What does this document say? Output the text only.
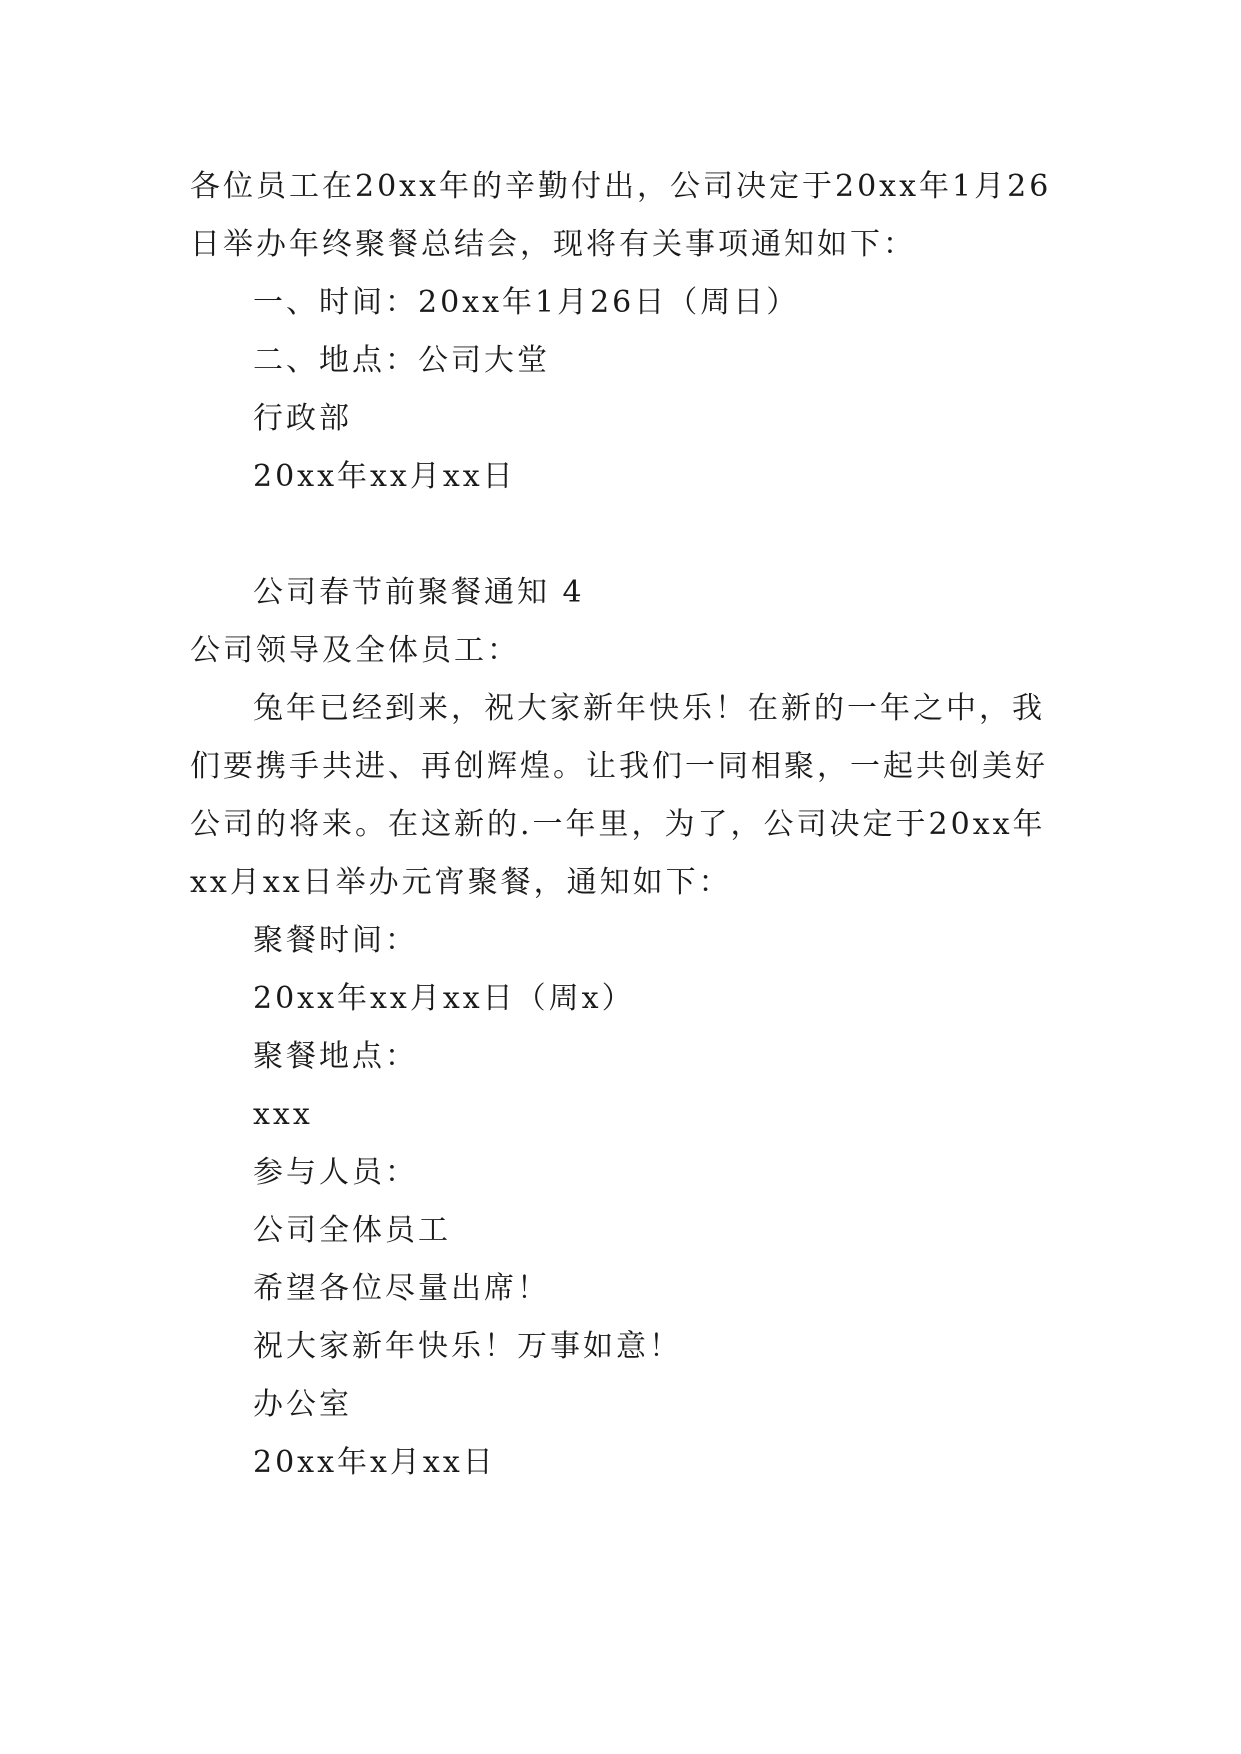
各位员工在20xx年的辛勤付出，公司决定于20xx年1月26
日举办年终聚餐总结会，现将有关事项通知如下：
一、时间：20xx年1月26日（周日）
二、地点：公司大堂
行政部
20xx年xx月xx日
公司春节前聚餐通知 4
公司领导及全体员工：
兔年已经到来，祝大家新年快乐！在新的一年之中，我
们要携手共进、再创辉煌。让我们一同相聚，一起共创美好
公司的将来。在这新的.一年里，为了，公司决定于20xx年
xx月xx日举办元宵聚餐，通知如下：
聚餐时间：
20xx年xx月xx日（周x）
聚餐地点：
xxx
参与人员：
公司全体员工
希望各位尽量出席！
祝大家新年快乐！万事如意！
办公室
20xx年x月xx日
